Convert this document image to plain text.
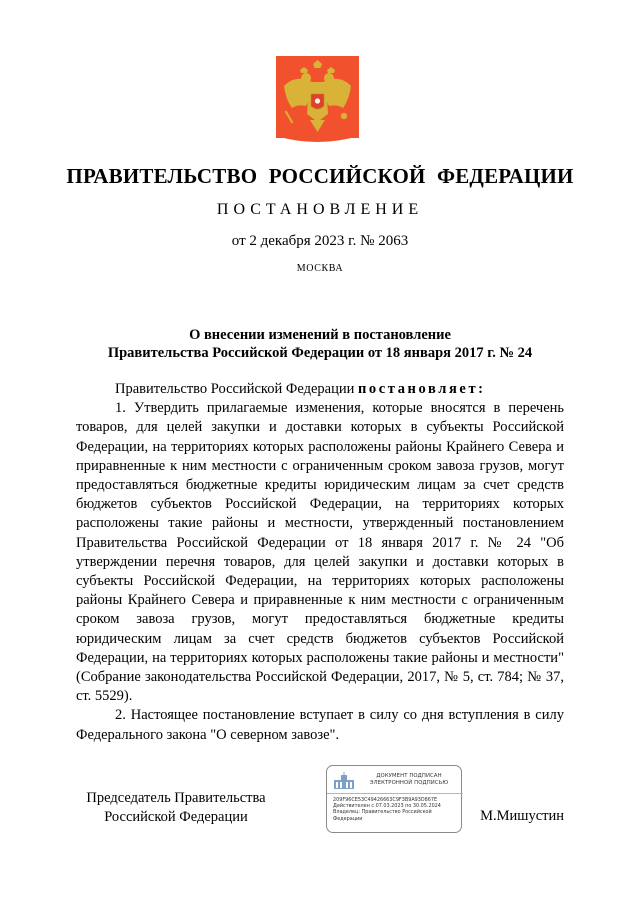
ПРАВИТЕЛЬСТВО РОССИЙСКОЙ ФЕДЕРАЦИИ
ПОСТАНОВЛЕНИЕ
от 2 декабря 2023 г. № 2063
МОСКВА
О внесении изменений в постановление
Правительства Российской Федерации от 18 января 2017 г. № 24

Правительство Российской Федерации постановляет:

1. Утвердить прилагаемые изменения, которые вносятся в перечень товаров, для целей закупки и доставки которых в субъекты Российской Федерации, на территориях которых расположены районы Крайнего Севера и приравненные к ним местности с ограниченным сроком завоза грузов, могут предоставляться бюджетные кредиты юридическим лицам за счет средств бюджетов субъектов Российской Федерации, на территориях которых расположены такие районы и местности, утвержденный постановлением Правительства Российской Федерации от 18 января 2017 г. № 24 "Об утверждении перечня товаров, для целей закупки и доставки которых в субъекты Российской Федерации, на территориях которых расположены районы Крайнего Севера и приравненные к ним местности с ограниченным сроком завоза грузов, могут предоставляться бюджетные кредиты юридическим лицам за счет средств бюджетов субъектов Российской Федерации, на территориях которых расположены такие районы и местности" (Собрание законодательства Российской Федерации, 2017, № 5, ст. 784; № 37, ст. 5529).

2. Настоящее постановление вступает в силу со дня вступления в силу Федерального закона "О северном завозе".

Председатель Правительства
Российской Федерации
ДОКУМЕНТ ПОДПИСАН
ЭЛЕКТРОННОЙ ПОДПИСЬЮ
209F96CE53C49426663C9F3B9A93D867E
Действителен с 07.03.2023 по 30.05.2024
Владелец: Правительство Российской Федерации	М.Мишустин
